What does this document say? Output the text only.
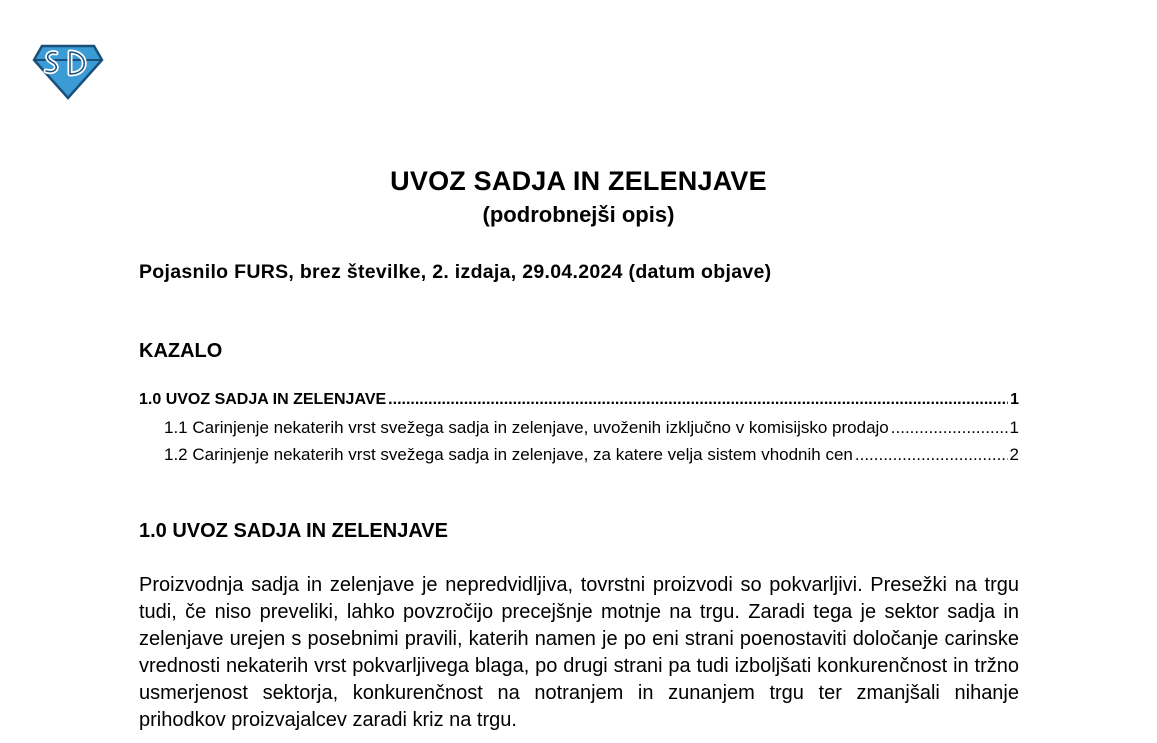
UVOZ SADJA IN ZELENJAVE
(podrobnejši opis)
Pojasnilo FURS, brez številke, 2. izdaja, 29.04.2024 (datum objave)
KAZALO
1.0 UVOZ SADJA IN ZELENJAVE .....	1
1.1 Carinjenje nekaterih vrst svežega sadja in zelenjave, uvoženih izključno v komisijsko prodajo .....	1
1.2 Carinjenje nekaterih vrst svežega sadja in zelenjave, za katere velja sistem vhodnih cen .....	2
1.0 UVOZ SADJA IN ZELENJAVE
Proizvodnja sadja in zelenjave je nepredvidljiva, tovrstni proizvodi so pokvarljivi. Presežki na trgu tudi, če niso preveliki, lahko povzročijo precejšnje motnje na trgu. Zaradi tega je sektor sadja in zelenjave urejen s posebnimi pravili, katerih namen je po eni strani poenostaviti določanje carinske vrednosti nekaterih vrst pokvarljivega blaga, po drugi strani pa tudi izboljšati konkurenčnost in tržno usmerjenost sektorja, konkurenčnost na notranjem in zunanjem trgu ter zmanjšali nihanje prihodkov proizvajalcev zaradi kriz na trgu.
